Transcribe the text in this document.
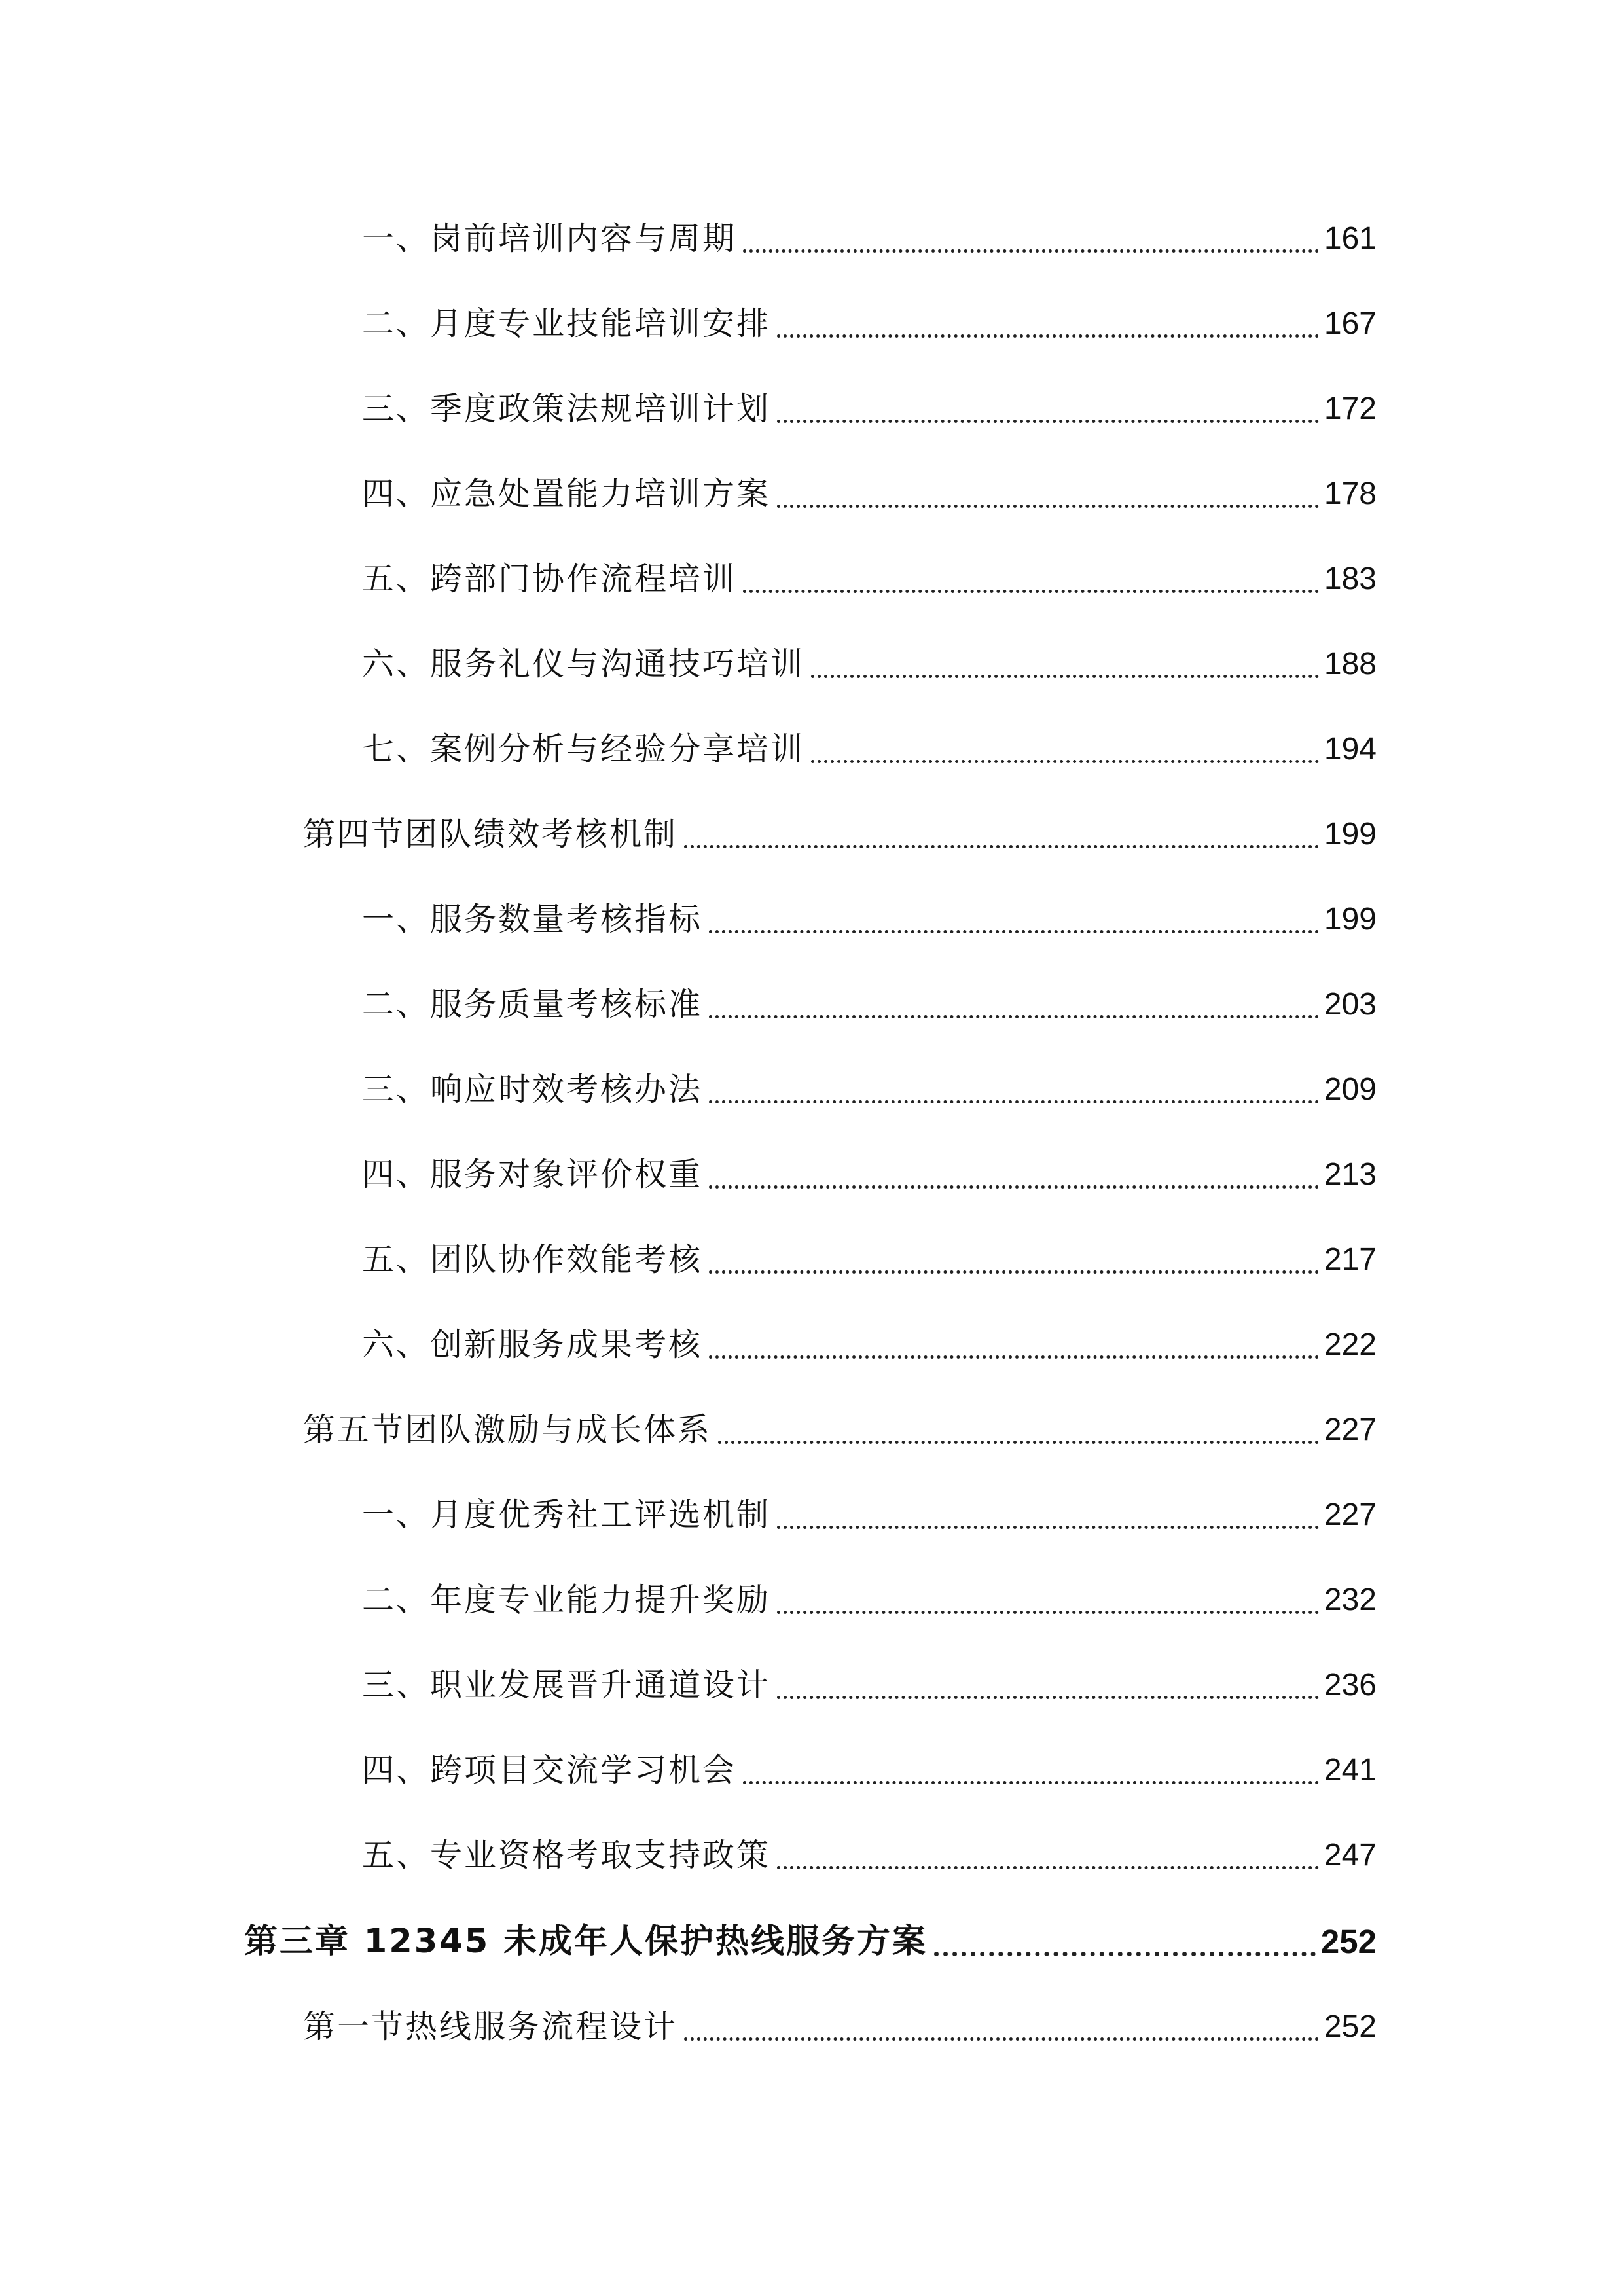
一、岗前培训内容与周期	161
二、月度专业技能培训安排	167
三、季度政策法规培训计划	172
四、应急处置能力培训方案	178
五、跨部门协作流程培训	183
六、服务礼仪与沟通技巧培训	188
七、案例分析与经验分享培训	194
第四节团队绩效考核机制	199
一、服务数量考核指标	199
二、服务质量考核标准	203
三、响应时效考核办法	209
四、服务对象评价权重	213
五、团队协作效能考核	217
六、创新服务成果考核	222
第五节团队激励与成长体系	227
一、月度优秀社工评选机制	227
二、年度专业能力提升奖励	232
三、职业发展晋升通道设计	236
四、跨项目交流学习机会	241
五、专业资格考取支持政策	247
第三章 12345 未成年人保护热线服务方案	252
第一节热线服务流程设计	252
